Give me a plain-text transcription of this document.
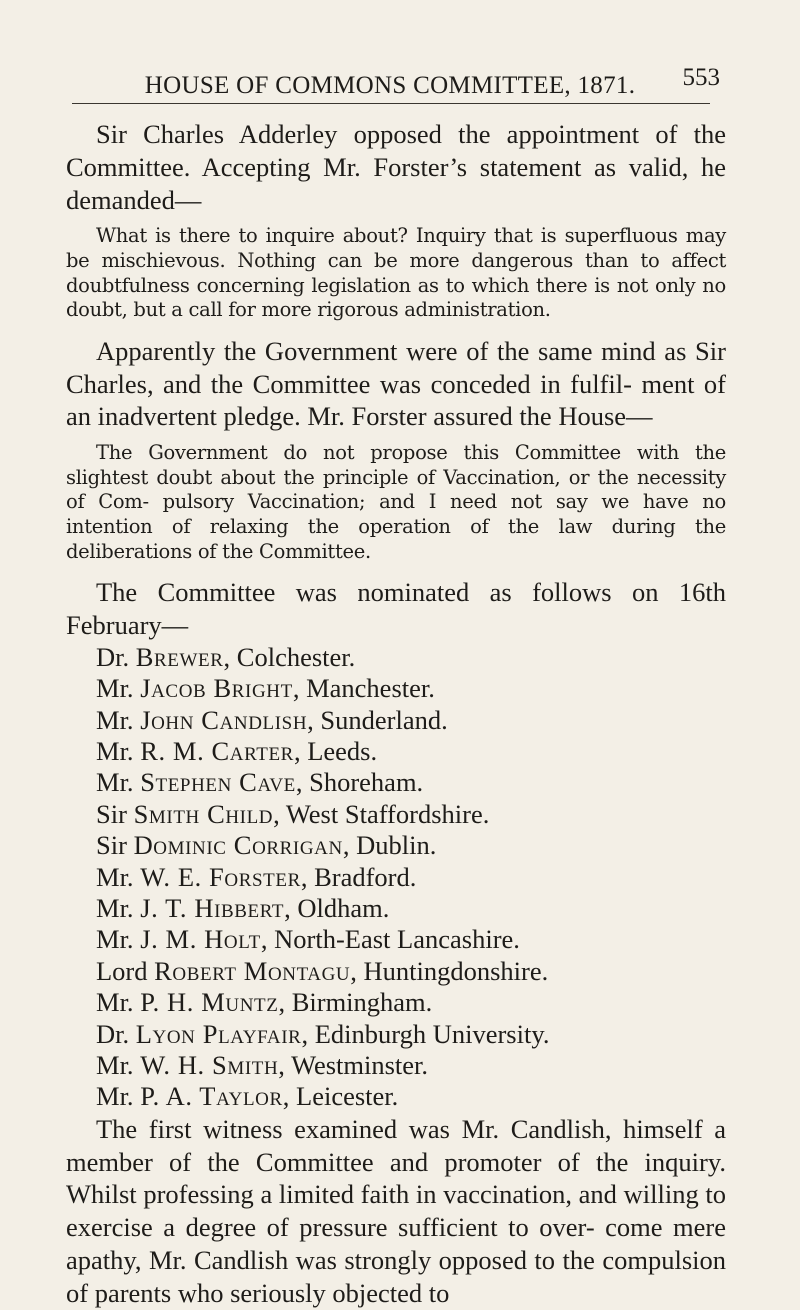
HOUSE OF COMMONS COMMITTEE, 1871.	553

Sir Charles Adderley opposed the appointment of the Committee. Accepting Mr. Forster’s statement as valid, he demanded—

What is there to inquire about? Inquiry that is superfluous may be mischievous. Nothing can be more dangerous than to affect doubtfulness concerning legislation as to which there is not only no doubt, but a call for more rigorous administration.

Apparently the Government were of the same mind as Sir Charles, and the Committee was conceded in fulfil- ment of an inadvertent pledge. Mr. Forster assured the House—

The Government do not propose this Committee with the slightest doubt about the principle of Vaccination, or the necessity of Com- pulsory Vaccination; and I need not say we have no intention of relaxing the operation of the law during the deliberations of the Committee.

The Committee was nominated as follows on 16th February—

Dr. Brewer, Colchester.
Mr. Jacob Bright, Manchester.
Mr. John Candlish, Sunderland.
Mr. R. M. Carter, Leeds.
Mr. Stephen Cave, Shoreham.
Sir Smith Child, West Staffordshire.
Sir Dominic Corrigan, Dublin.
Mr. W. E. Forster, Bradford.
Mr. J. T. Hibbert, Oldham.
Mr. J. M. Holt, North-East Lancashire.
Lord Robert Montagu, Huntingdonshire.
Mr. P. H. Muntz, Birmingham.
Dr. Lyon Playfair, Edinburgh University.
Mr. W. H. Smith, Westminster.
Mr. P. A. Taylor, Leicester.

The first witness examined was Mr. Candlish, himself a member of the Committee and promoter of the inquiry. Whilst professing a limited faith in vaccination, and willing to exercise a degree of pressure sufficient to over- come mere apathy, Mr. Candlish was strongly opposed to the compulsion of parents who seriously objected to
